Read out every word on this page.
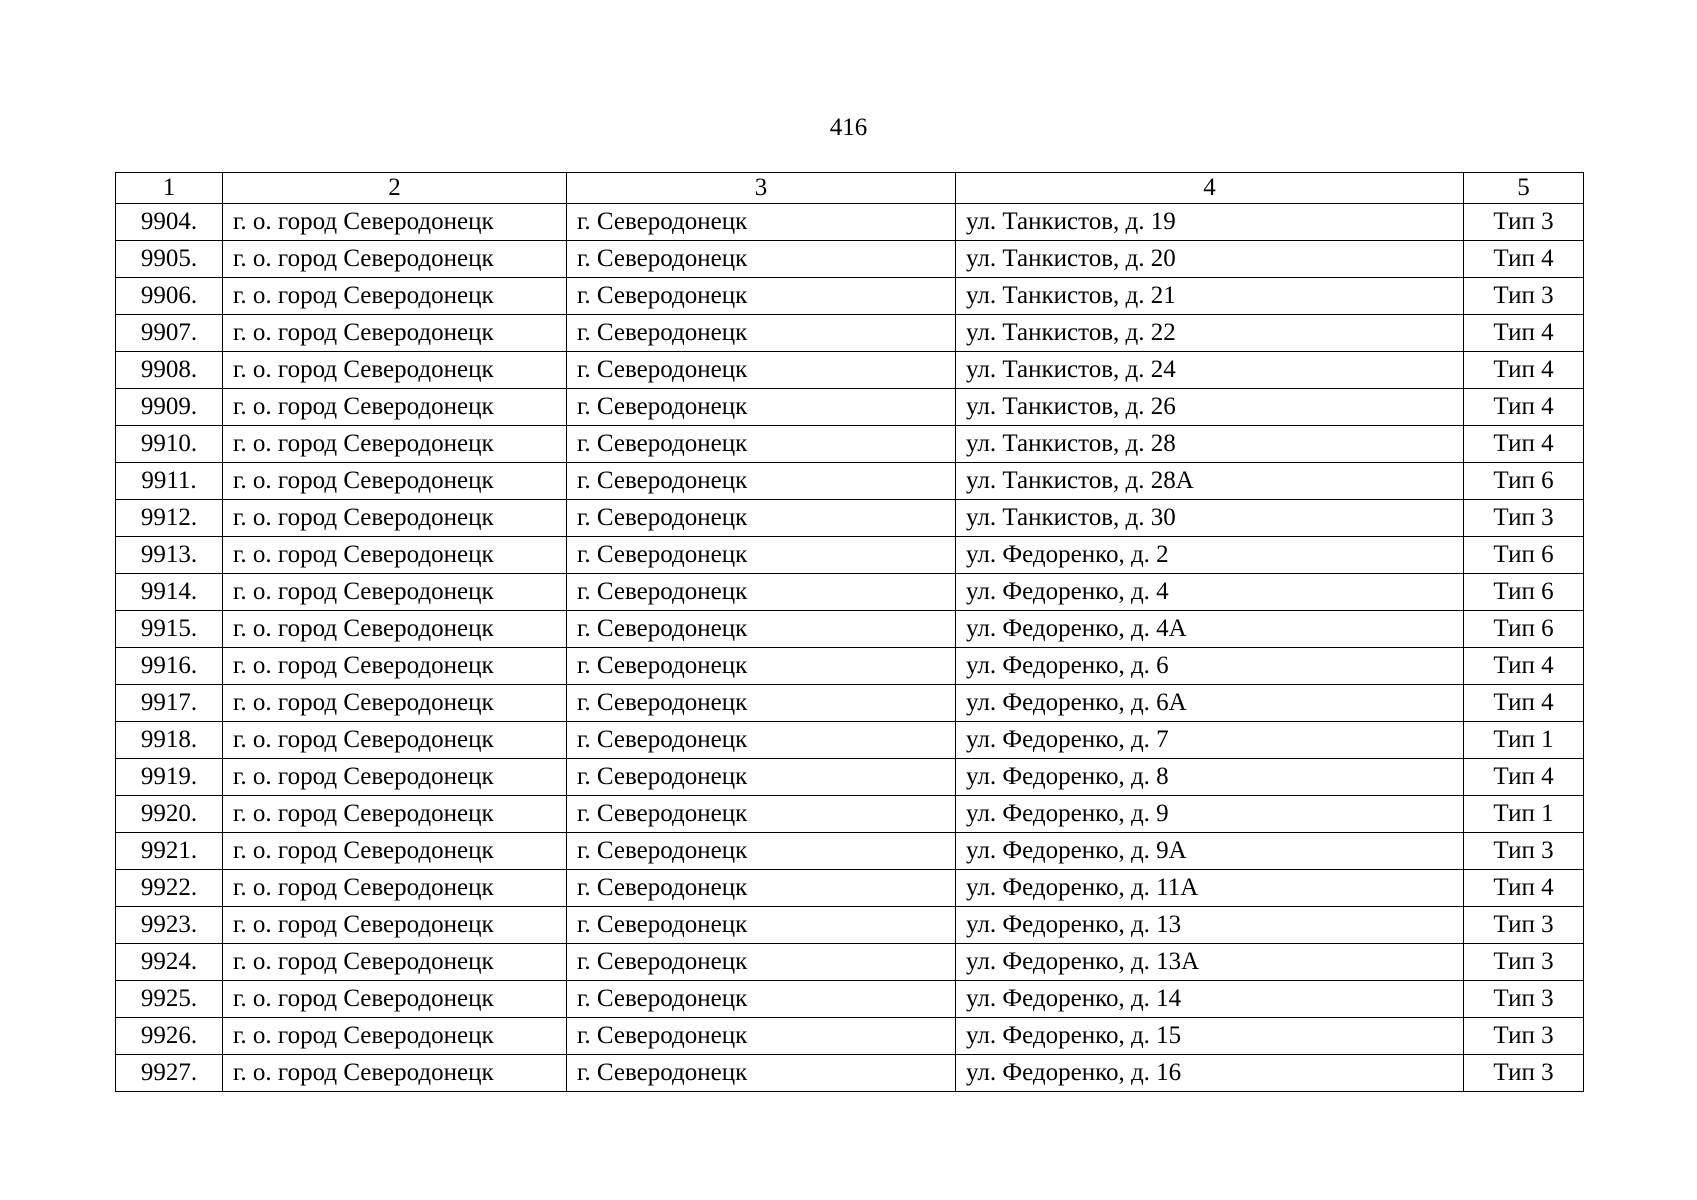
416
1	2	3	4	5
9904.	г. о. город Северодонецк	г. Северодонецк	ул. Танкистов, д. 19	Тип 3
9905.	г. о. город Северодонецк	г. Северодонецк	ул. Танкистов, д. 20	Тип 4
9906.	г. о. город Северодонецк	г. Северодонецк	ул. Танкистов, д. 21	Тип 3
9907.	г. о. город Северодонецк	г. Северодонецк	ул. Танкистов, д. 22	Тип 4
9908.	г. о. город Северодонецк	г. Северодонецк	ул. Танкистов, д. 24	Тип 4
9909.	г. о. город Северодонецк	г. Северодонецк	ул. Танкистов, д. 26	Тип 4
9910.	г. о. город Северодонецк	г. Северодонецк	ул. Танкистов, д. 28	Тип 4
9911.	г. о. город Северодонецк	г. Северодонецк	ул. Танкистов, д. 28А	Тип 6
9912.	г. о. город Северодонецк	г. Северодонецк	ул. Танкистов, д. 30	Тип 3
9913.	г. о. город Северодонецк	г. Северодонецк	ул. Федоренко, д. 2	Тип 6
9914.	г. о. город Северодонецк	г. Северодонецк	ул. Федоренко, д. 4	Тип 6
9915.	г. о. город Северодонецк	г. Северодонецк	ул. Федоренко, д. 4А	Тип 6
9916.	г. о. город Северодонецк	г. Северодонецк	ул. Федоренко, д. 6	Тип 4
9917.	г. о. город Северодонецк	г. Северодонецк	ул. Федоренко, д. 6А	Тип 4
9918.	г. о. город Северодонецк	г. Северодонецк	ул. Федоренко, д. 7	Тип 1
9919.	г. о. город Северодонецк	г. Северодонецк	ул. Федоренко, д. 8	Тип 4
9920.	г. о. город Северодонецк	г. Северодонецк	ул. Федоренко, д. 9	Тип 1
9921.	г. о. город Северодонецк	г. Северодонецк	ул. Федоренко, д. 9А	Тип 3
9922.	г. о. город Северодонецк	г. Северодонецк	ул. Федоренко, д. 11А	Тип 4
9923.	г. о. город Северодонецк	г. Северодонецк	ул. Федоренко, д. 13	Тип 3
9924.	г. о. город Северодонецк	г. Северодонецк	ул. Федоренко, д. 13А	Тип 3
9925.	г. о. город Северодонецк	г. Северодонецк	ул. Федоренко, д. 14	Тип 3
9926.	г. о. город Северодонецк	г. Северодонецк	ул. Федоренко, д. 15	Тип 3
9927.	г. о. город Северодонецк	г. Северодонецк	ул. Федоренко, д. 16	Тип 3
